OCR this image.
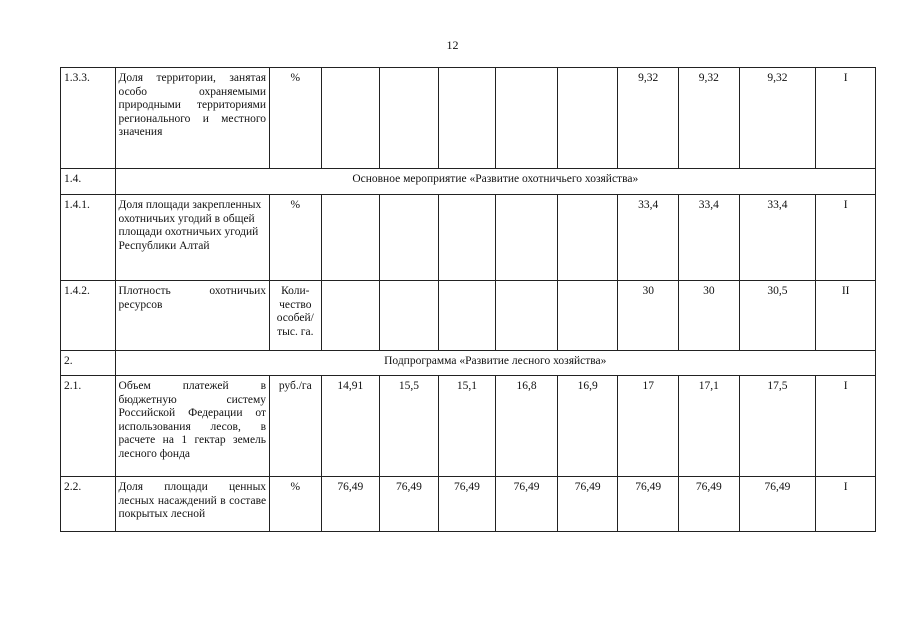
12
1.3.3.	Доля территории, занятая особо охраняемыми природными территориями регионального и местного значения	%						9,32	9,32	9,32	I
1.4.	Основное мероприятие «Развитие охотничьего хозяйства»										
1.4.1.	Доля площади закрепленных охотничьих угодий в общей площади охотничьих угодий Республики Алтай	%						33,4	33,4	33,4	I
1.4.2.	Плотность охотничьих ресурсов	Коли-чество особей/ тыс. га.						30	30	30,5	II
2.	Подпрограмма «Развитие лесного хозяйства»										
2.1.	Объем платежей в бюджетную систему Российской Федерации от использования лесов, в расчете на 1 гектар земель лесного фонда	руб./га	14,91	15,5	15,1	16,8	16,9	17	17,1	17,5	I
2.2.	Доля площади ценных лесных насаждений в составе покрытых лесной	%	76,49	76,49	76,49	76,49	76,49	76,49	76,49	76,49	I
